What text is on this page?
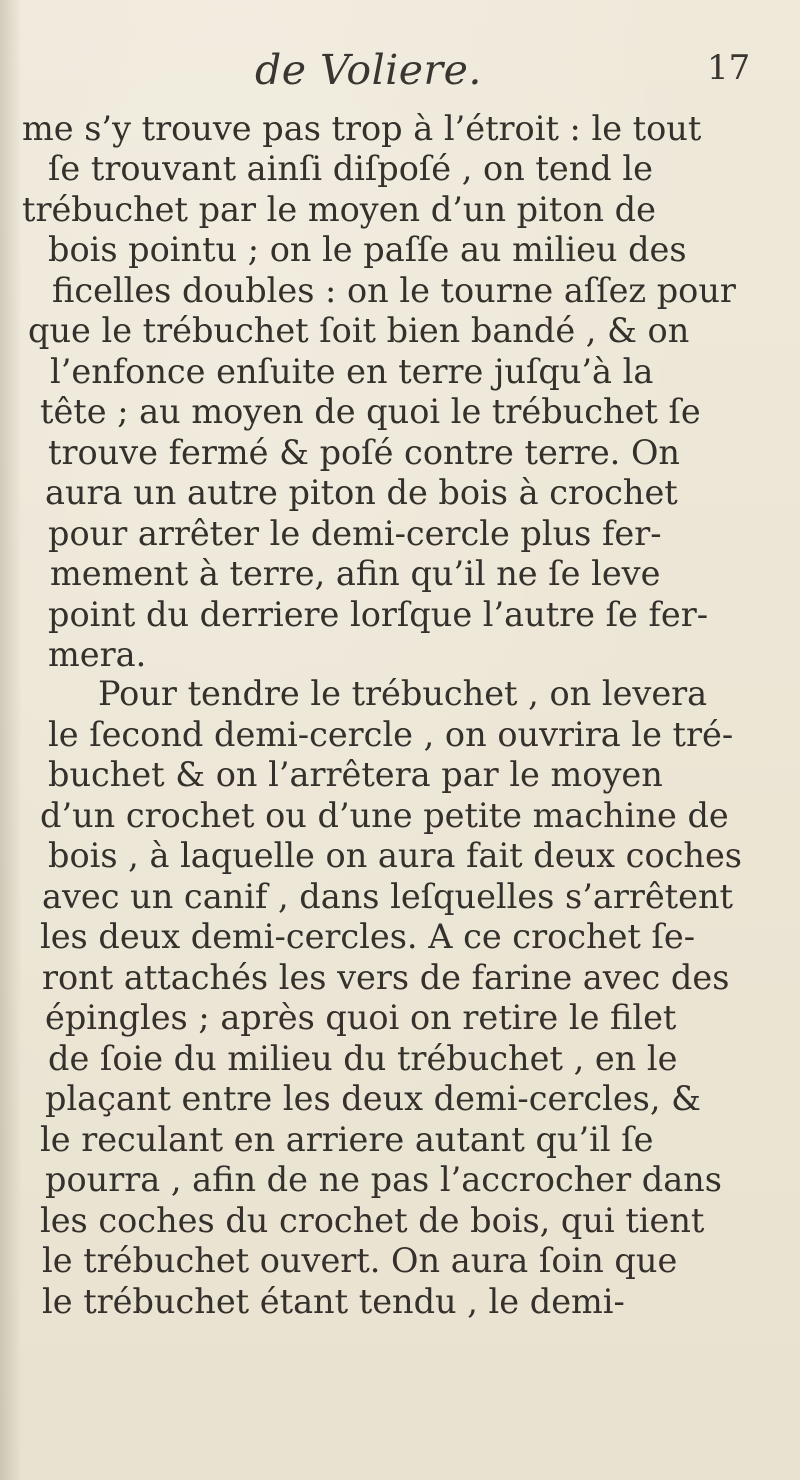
de Voliere.	17
me s’y trouve pas trop à l’étroit : le tout
ſe trouvant ainſi diſpoſé , on tend le
trébuchet par le moyen d’un piton de
bois pointu ; on le paſſe au milieu des
ficelles doubles : on le tourne aſſez pour
que le trébuchet ſoit bien bandé , & on
l’enfonce enſuite en terre juſqu’à la
tête ; au moyen de quoi le trébuchet ſe
trouve fermé & poſé contre terre. On
aura un autre piton de bois à crochet
pour arrêter le demi-cercle plus fer-
mement à terre, afin qu’il ne ſe leve
point du derriere lorſque l’autre ſe fer-
mera.
Pour tendre le trébuchet , on levera
le ſecond demi-cercle , on ouvrira le tré-
buchet & on l’arrêtera par le moyen
d’un crochet ou d’une petite machine de
bois , à laquelle on aura fait deux coches
avec un canif , dans leſquelles s’arrêtent
les deux demi-cercles. A ce crochet ſe-
ront attachés les vers de farine avec des
épingles ; après quoi on retire le filet
de ſoie du milieu du trébuchet , en le
plaçant entre les deux demi-cercles, &
le reculant en arriere autant qu’il ſe
pourra , afin de ne pas l’accrocher dans
les coches du crochet de bois, qui tient
le trébuchet ouvert. On aura ſoin que
le trébuchet étant tendu , le demi-
